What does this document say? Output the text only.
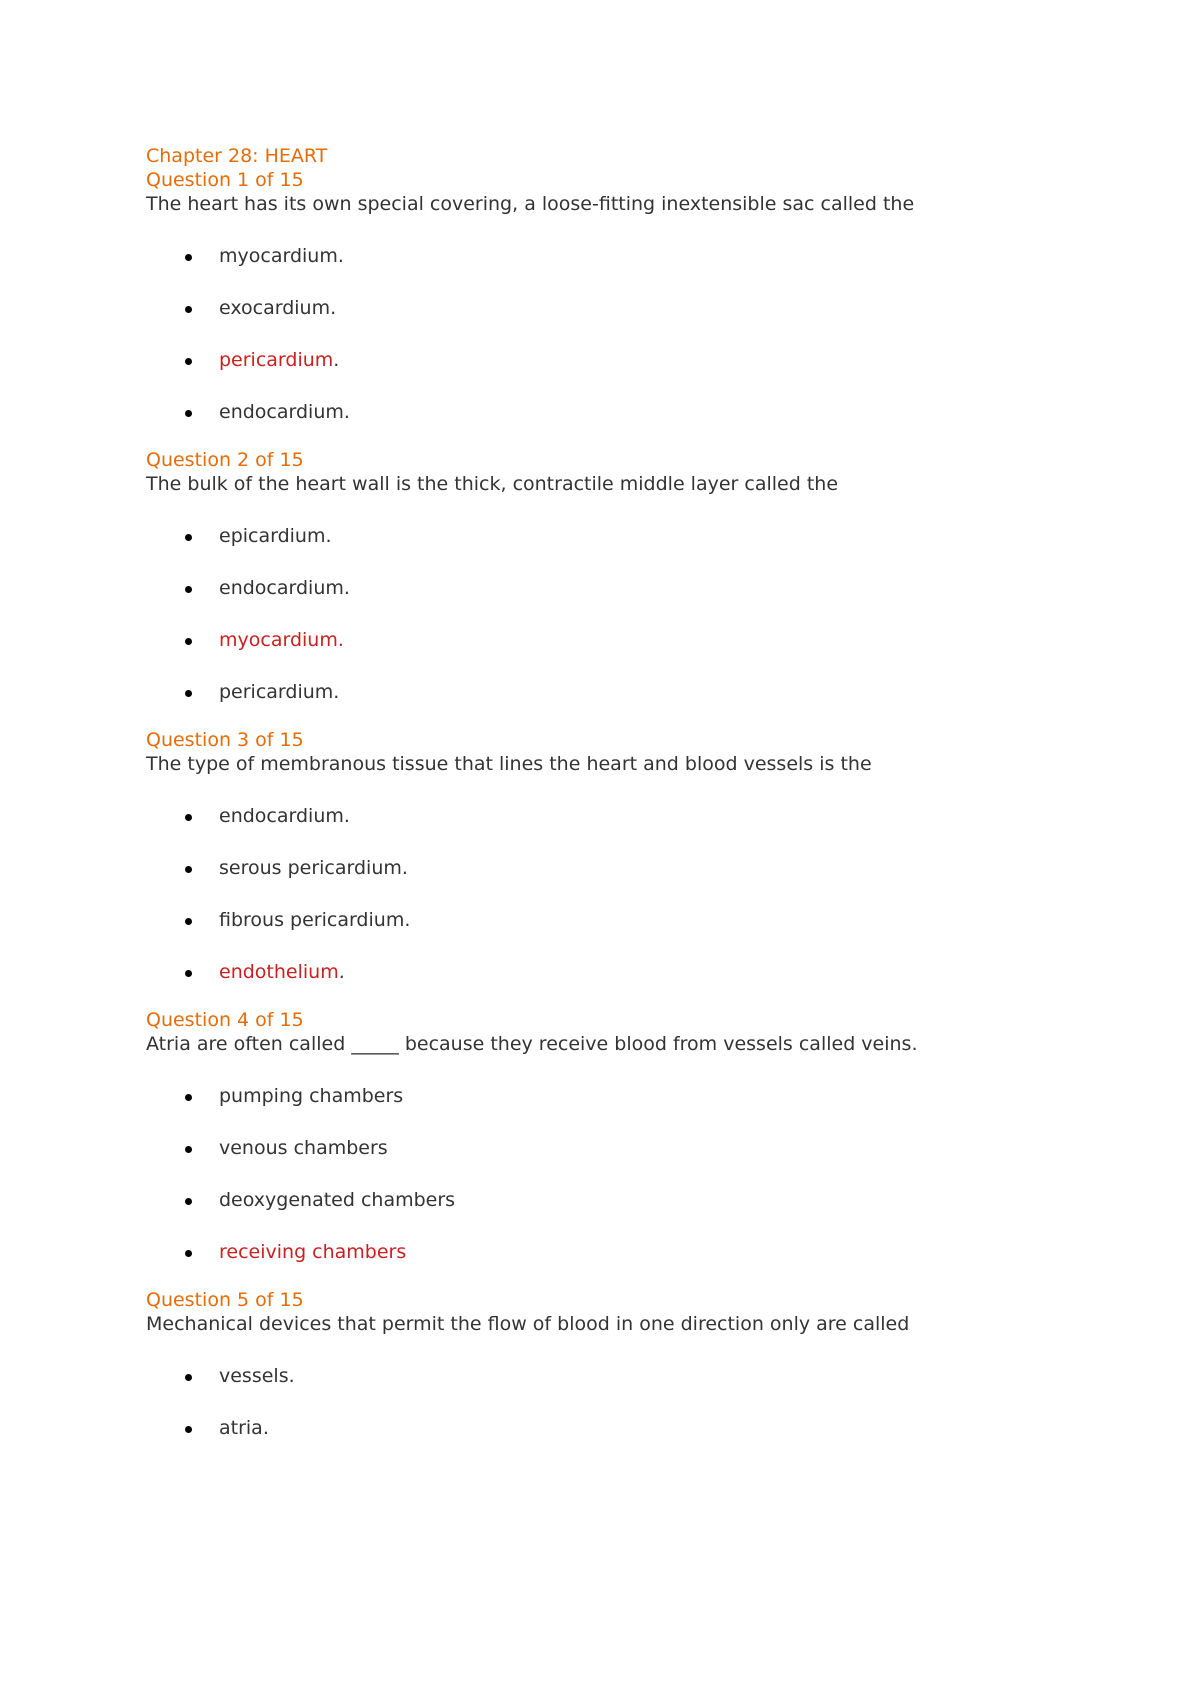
Chapter 28: HEART
Question 1 of 15
The heart has its own special covering, a loose-fitting inextensible sac called the
myocardium.
exocardium.
pericardium.
endocardium.
Question 2 of 15
The bulk of the heart wall is the thick, contractile middle layer called the
epicardium.
endocardium.
myocardium.
pericardium.
Question 3 of 15
The type of membranous tissue that lines the heart and blood vessels is the
endocardium.
serous pericardium.
fibrous pericardium.
endothelium.
Question 4 of 15
Atria are often called _____ because they receive blood from vessels called veins.
pumping chambers
venous chambers
deoxygenated chambers
receiving chambers
Question 5 of 15
Mechanical devices that permit the flow of blood in one direction only are called
vessels.
atria.
